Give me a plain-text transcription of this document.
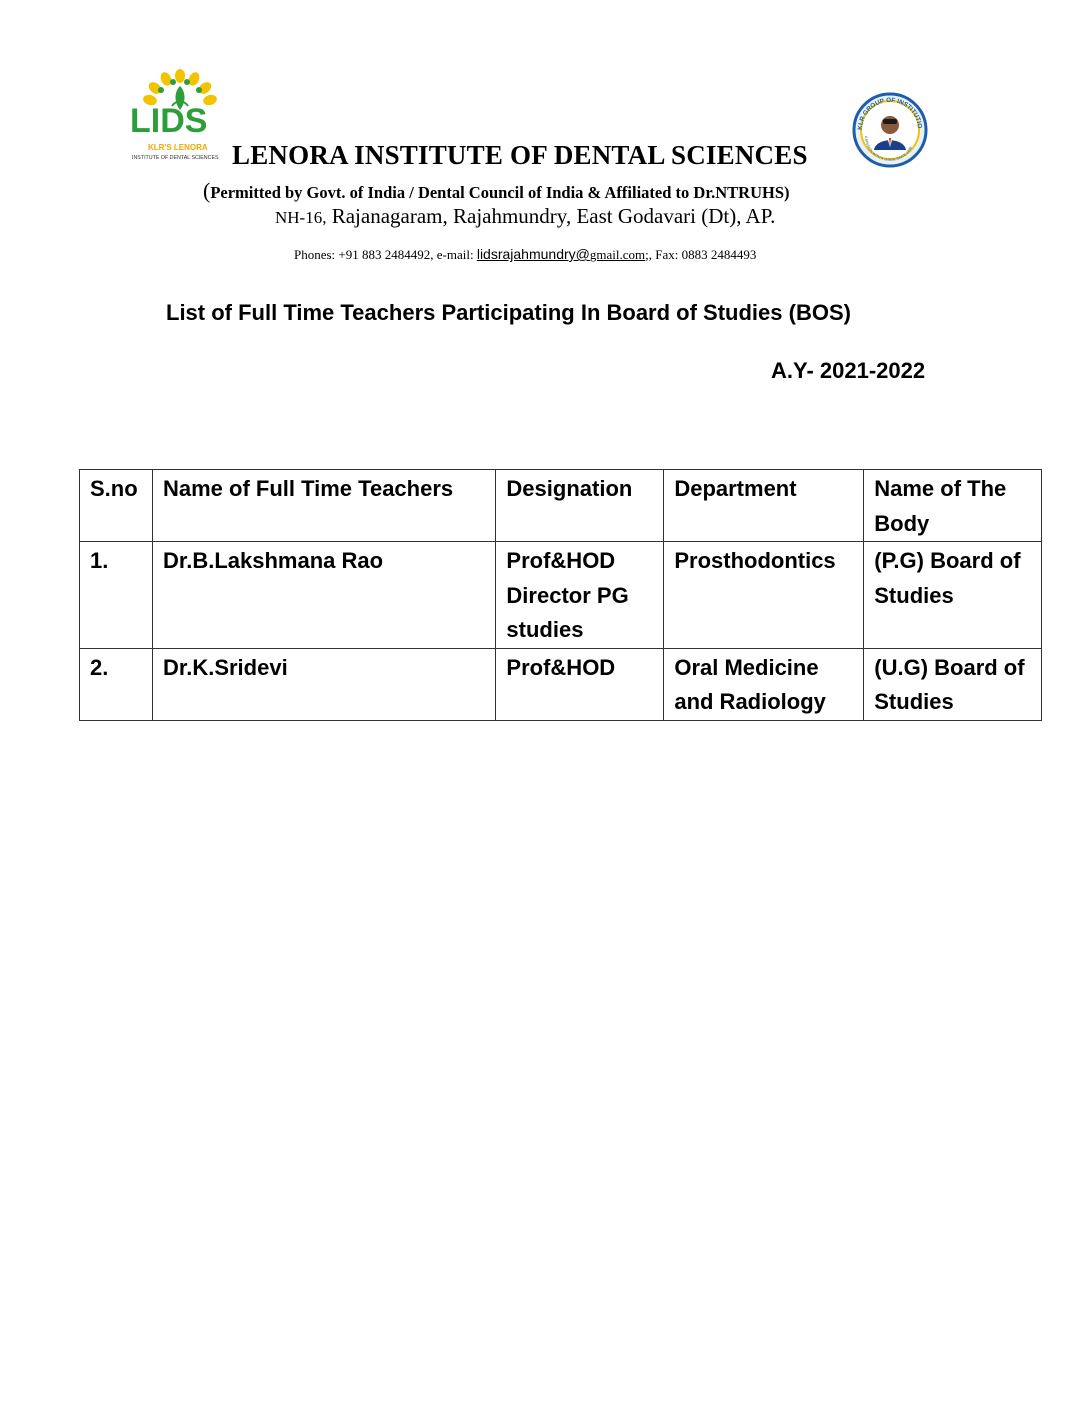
LIDS
KLR'S LENORA
INSTITUTE OF DENTAL SCIENCES
KLR GROUP OF INSTITUTIO
A MISSION WITH A VISION SINCE 1998
LENORA INSTITUTE OF DENTAL SCIENCES
(Permitted by Govt. of India / Dental Council of India & Affiliated to Dr.NTRUHS)
NH-16, Rajanagaram, Rajahmundry, East Godavari (Dt), AP.
Phones: +91 883 2484492, e-mail: lidsrajahmundry@gmail.com;, Fax: 0883 2484493
List of Full Time Teachers Participating In Board of Studies (BOS)
A.Y- 2021-2022
S.no	Name of Full Time Teachers	Designation	Department	Name of The Body
1.	Dr.B.Lakshmana Rao	Prof&HOD Director PG studies	Prosthodontics	(P.G) Board of Studies
2.	Dr.K.Sridevi	Prof&HOD	Oral Medicine and Radiology	(U.G) Board of Studies
